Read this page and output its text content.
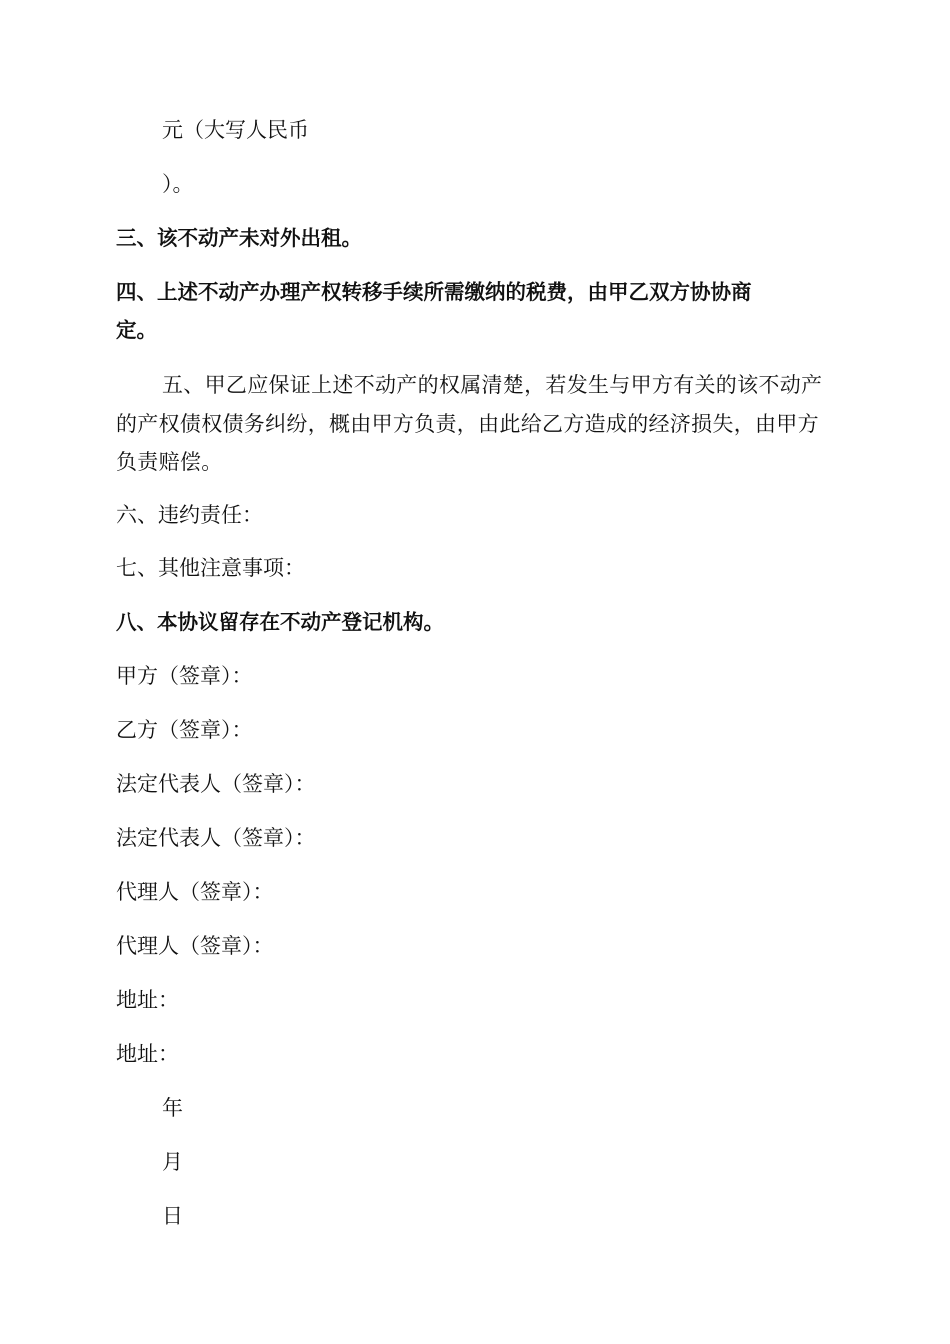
元（大写人民币

）。

三、该不动产未对外出租。

四、上述不动产办理产权转移手续所需缴纳的税费，由甲乙双方协协商

定。

五、甲乙应保证上述不动产的权属清楚，若发生与甲方有关的该不动产的产权债权债务纠纷，概由甲方负责，由此给乙方造成的经济损失，由甲方负责赔偿。

六、违约责任：

七、其他注意事项：

八、本协议留存在不动产登记机构。

甲方（签章）：

乙方（签章）：

法定代表人（签章）：

法定代表人（签章）：

代理人（签章）：

代理人（签章）：

地址：

地址：

年

月

日
